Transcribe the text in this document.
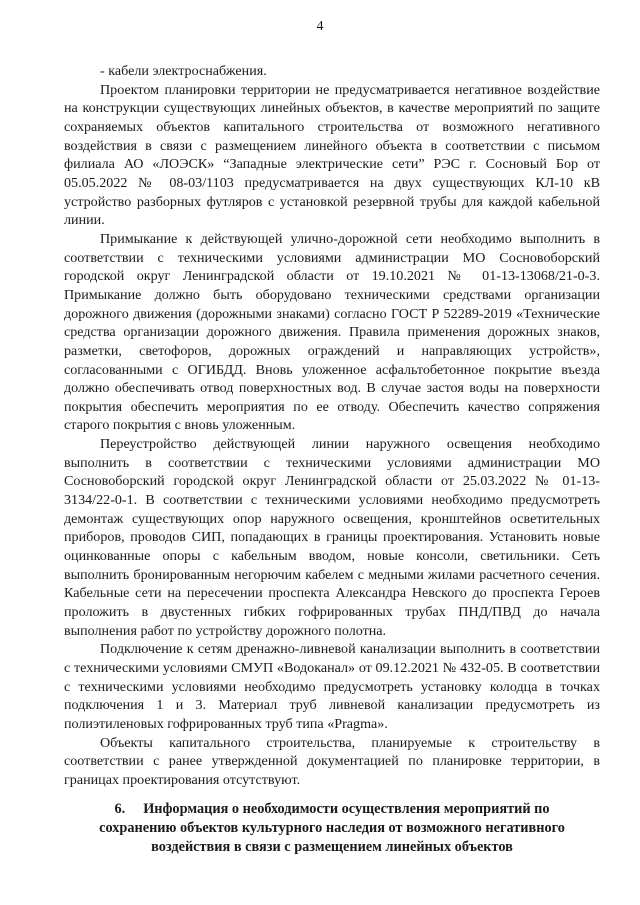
4

- кабели электроснабжения.

Проектом планировки территории не предусматривается негативное воздействие на конструкции существующих линейных объектов, в качестве мероприятий по защите сохраняемых объектов капитального строительства от возможного негативного воздействия в связи с размещением линейного объекта в соответствии с письмом филиала АО «ЛОЭСК» “Западные электрические сети” РЭС г. Сосновый Бор от 05.05.2022 № 08-03/1103 предусматривается на двух существующих КЛ-10 кВ устройство разборных футляров с установкой резервной трубы для каждой кабельной линии.

Примыкание к действующей улично-дорожной сети необходимо выполнить в соответствии с техническими условиями администрации МО Сосновоборский городской округ Ленинградской области от 19.10.2021 № 01-13-13068/21-0-3. Примыкание должно быть оборудовано техническими средствами организации дорожного движения (дорожными знаками) согласно ГОСТ Р 52289-2019 «Технические средства организации дорожного движения. Правила применения дорожных знаков, разметки, светофоров, дорожных ограждений и направляющих устройств», согласованными с ОГИБДД. Вновь уложенное асфальтобетонное покрытие въезда должно обеспечивать отвод поверхностных вод. В случае застоя воды на поверхности покрытия обеспечить мероприятия по ее отводу. Обеспечить качество сопряжения старого покрытия с вновь уложенным.

Переустройство действующей линии наружного освещения необходимо выполнить в соответствии с техническими условиями администрации МО Сосновоборский городской округ Ленинградской области от 25.03.2022 № 01-13-3134/22-0-1. В соответствии с техническими условиями необходимо предусмотреть демонтаж существующих опор наружного освещения, кронштейнов осветительных приборов, проводов СИП, попадающих в границы проектирования. Установить новые оцинкованные опоры с кабельным вводом, новые консоли, светильники. Сеть выполнить бронированным негорючим кабелем с медными жилами расчетного сечения. Кабельные сети на пересечении проспекта Александра Невского до проспекта Героев проложить в двустенных гибких гофрированных трубах ПНД/ПВД до начала выполнения работ по устройству дорожного полотна.

Подключение к сетям дренажно-ливневой канализации выполнить в соответствии с техническими условиями СМУП «Водоканал» от 09.12.2021 № 432-05. В соответствии с техническими условиями необходимо предусмотреть установку колодца в точках подключения 1 и 3. Материал труб ливневой канализации предусмотреть из полиэтиленовых гофрированных труб типа «Pragma».

Объекты капитального строительства, планируемые к строительству в соответствии с ранее утвержденной документацией по планировке территории, в границах проектирования отсутствуют.

6. Информация о необходимости осуществления мероприятий по сохранению объектов культурного наследия от возможного негативного воздействия в связи с размещением линейных объектов
